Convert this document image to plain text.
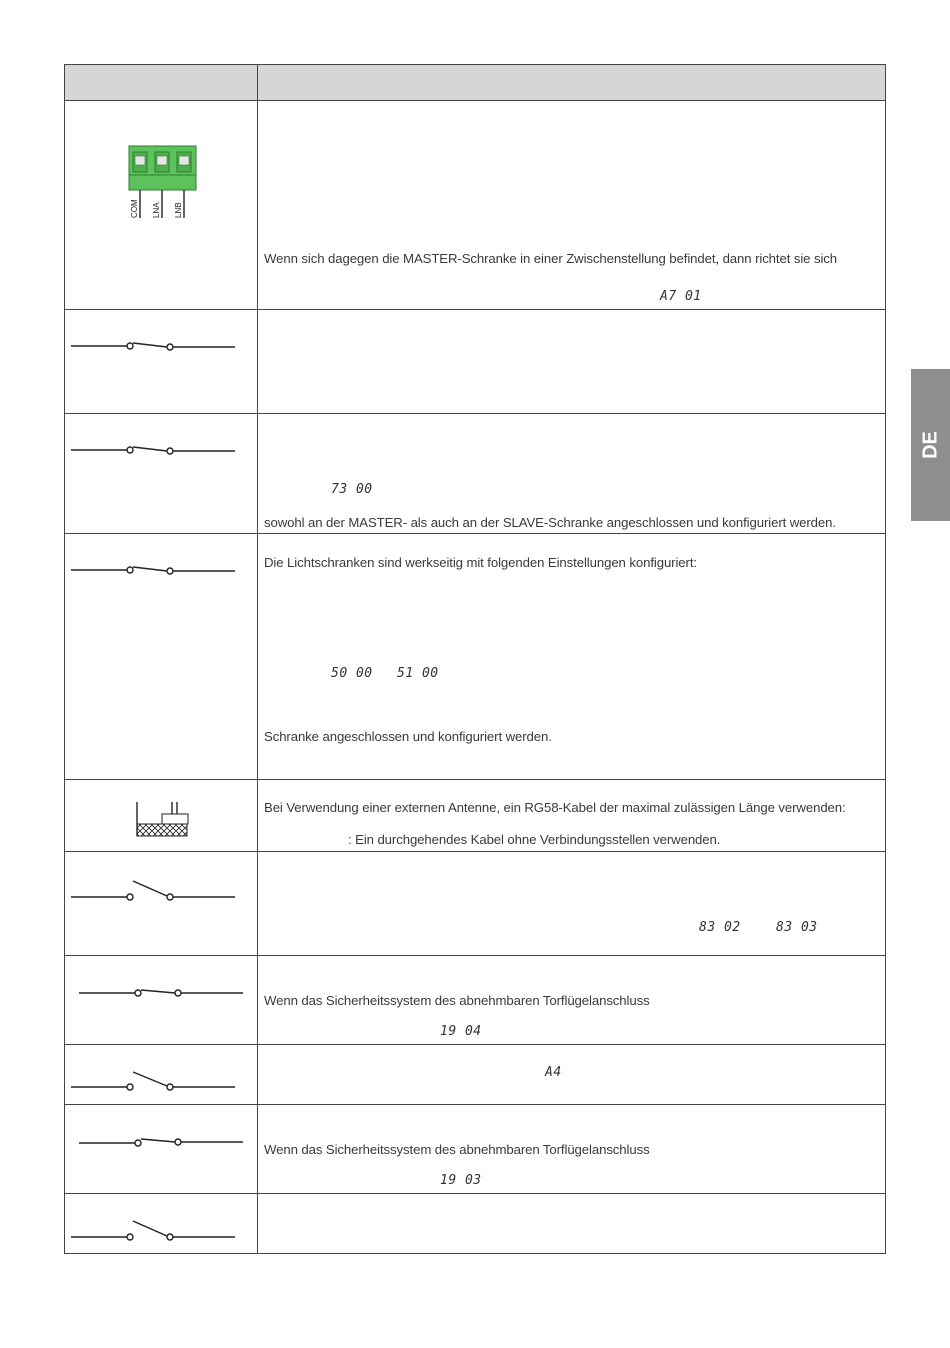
COM LNA LNB
Wenn sich dagegen die MASTER-Schranke in einer Zwischenstellung befindet, dann richtet sie sich
A7 01
73 00
sowohl an der MASTER- als auch an der SLAVE-Schranke angeschlossen und konfiguriert werden.
Die Lichtschranken sind werkseitig mit folgenden Einstellungen konfiguriert:
50 00 51 00
Schranke angeschlossen und konfiguriert werden.
Bei Verwendung einer externen Antenne, ein RG58-Kabel der maximal zulässigen Länge verwenden:
: Ein durchgehendes Kabel ohne Verbindungsstellen verwenden.
83 02	83 03
Wenn das Sicherheitssystem des abnehmbaren Torflügelanschluss
19 04
A4
Wenn das Sicherheitssystem des abnehmbaren Torflügelanschluss
19 03
DE
